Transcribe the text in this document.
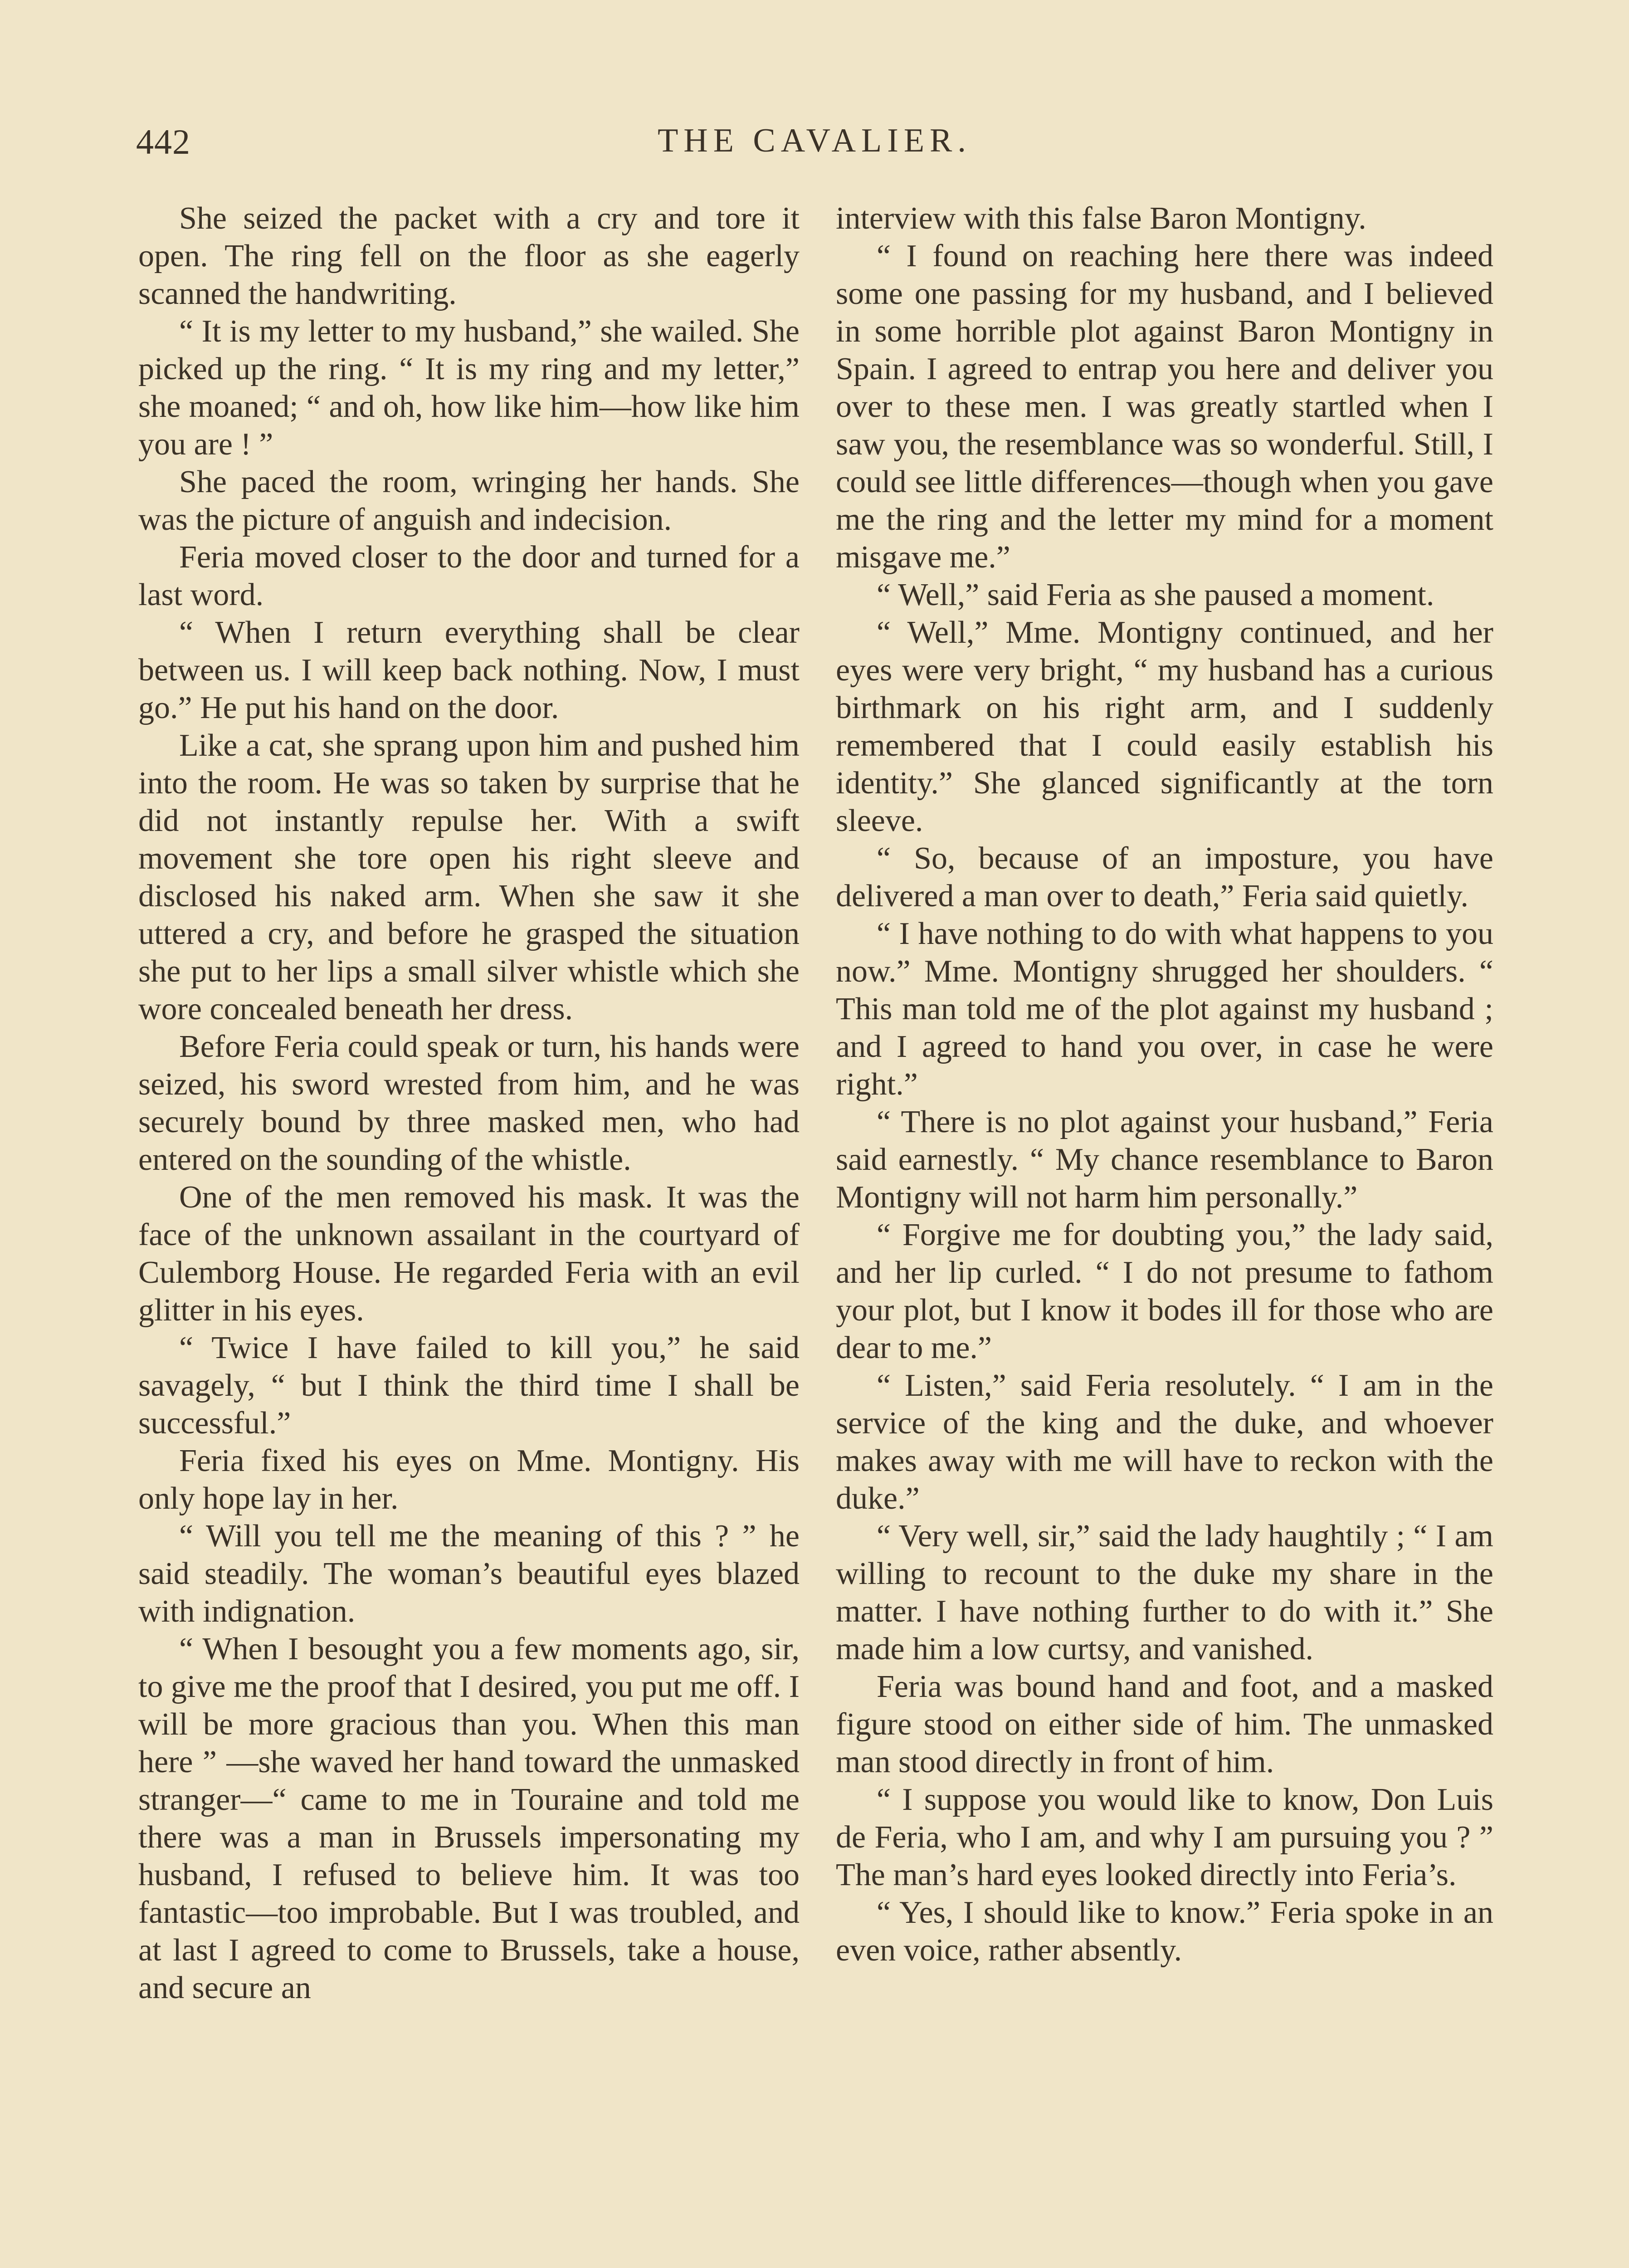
442	THE CAVALIER.

She seized the packet with a cry and tore it open. The ring fell on the floor as she eagerly scanned the handwriting.

“ It is my letter to my husband,” she wailed. She picked up the ring. “ It is my ring and my letter,” she moaned; “ and oh, how like him—how like him you are ! ”

She paced the room, wringing her hands. She was the picture of anguish and indecision.

Feria moved closer to the door and turned for a last word.

“ When I return everything shall be clear between us. I will keep back nothing. Now, I must go.” He put his hand on the door.

Like a cat, she sprang upon him and pushed him into the room. He was so taken by surprise that he did not instantly repulse her. With a swift movement she tore open his right sleeve and disclosed his naked arm. When she saw it she uttered a cry, and before he grasped the situation she put to her lips a small silver whistle which she wore concealed beneath her dress.

Before Feria could speak or turn, his hands were seized, his sword wrested from him, and he was securely bound by three masked men, who had entered on the sounding of the whistle.

One of the men removed his mask. It was the face of the unknown assailant in the courtyard of Culemborg House. He regarded Feria with an evil glitter in his eyes.

“ Twice I have failed to kill you,” he said savagely, “ but I think the third time I shall be successful.”

Feria fixed his eyes on Mme. Montigny. His only hope lay in her.

“ Will you tell me the meaning of this ? ” he said steadily. The woman’s beautiful eyes blazed with indignation.

“ When I besought you a few moments ago, sir, to give me the proof that I desired, you put me off. I will be more gracious than you. When this man here ” —she waved her hand toward the unmasked stranger—“ came to me in Touraine and told me there was a man in Brussels impersonating my husband, I refused to believe him. It was too fantastic—too improbable. But I was troubled, and at last I agreed to come to Brussels, take a house, and secure an

interview with this false Baron Montigny.

“ I found on reaching here there was indeed some one passing for my husband, and I believed in some horrible plot against Baron Montigny in Spain. I agreed to entrap you here and deliver you over to these men. I was greatly startled when I saw you, the resemblance was so wonderful. Still, I could see little differences—though when you gave me the ring and the letter my mind for a moment misgave me.”

“ Well,” said Feria as she paused a moment.

“ Well,” Mme. Montigny continued, and her eyes were very bright, “ my husband has a curious birthmark on his right arm, and I suddenly remembered that I could easily establish his identity.” She glanced significantly at the torn sleeve.

“ So, because of an imposture, you have delivered a man over to death,” Feria said quietly.

“ I have nothing to do with what happens to you now.” Mme. Montigny shrugged her shoulders. “ This man told me of the plot against my husband ; and I agreed to hand you over, in case he were right.”

“ There is no plot against your husband,” Feria said earnestly. “ My chance resemblance to Baron Montigny will not harm him personally.”

“ Forgive me for doubting you,” the lady said, and her lip curled. “ I do not presume to fathom your plot, but I know it bodes ill for those who are dear to me.”

“ Listen,” said Feria resolutely. “ I am in the service of the king and the duke, and whoever makes away with me will have to reckon with the duke.”

“ Very well, sir,” said the lady haughtily ; “ I am willing to recount to the duke my share in the matter. I have nothing further to do with it.” She made him a low curtsy, and vanished.

Feria was bound hand and foot, and a masked figure stood on either side of him. The unmasked man stood directly in front of him.

“ I suppose you would like to know, Don Luis de Feria, who I am, and why I am pursuing you ? ” The man’s hard eyes looked directly into Feria’s.

“ Yes, I should like to know.” Feria spoke in an even voice, rather absently.
